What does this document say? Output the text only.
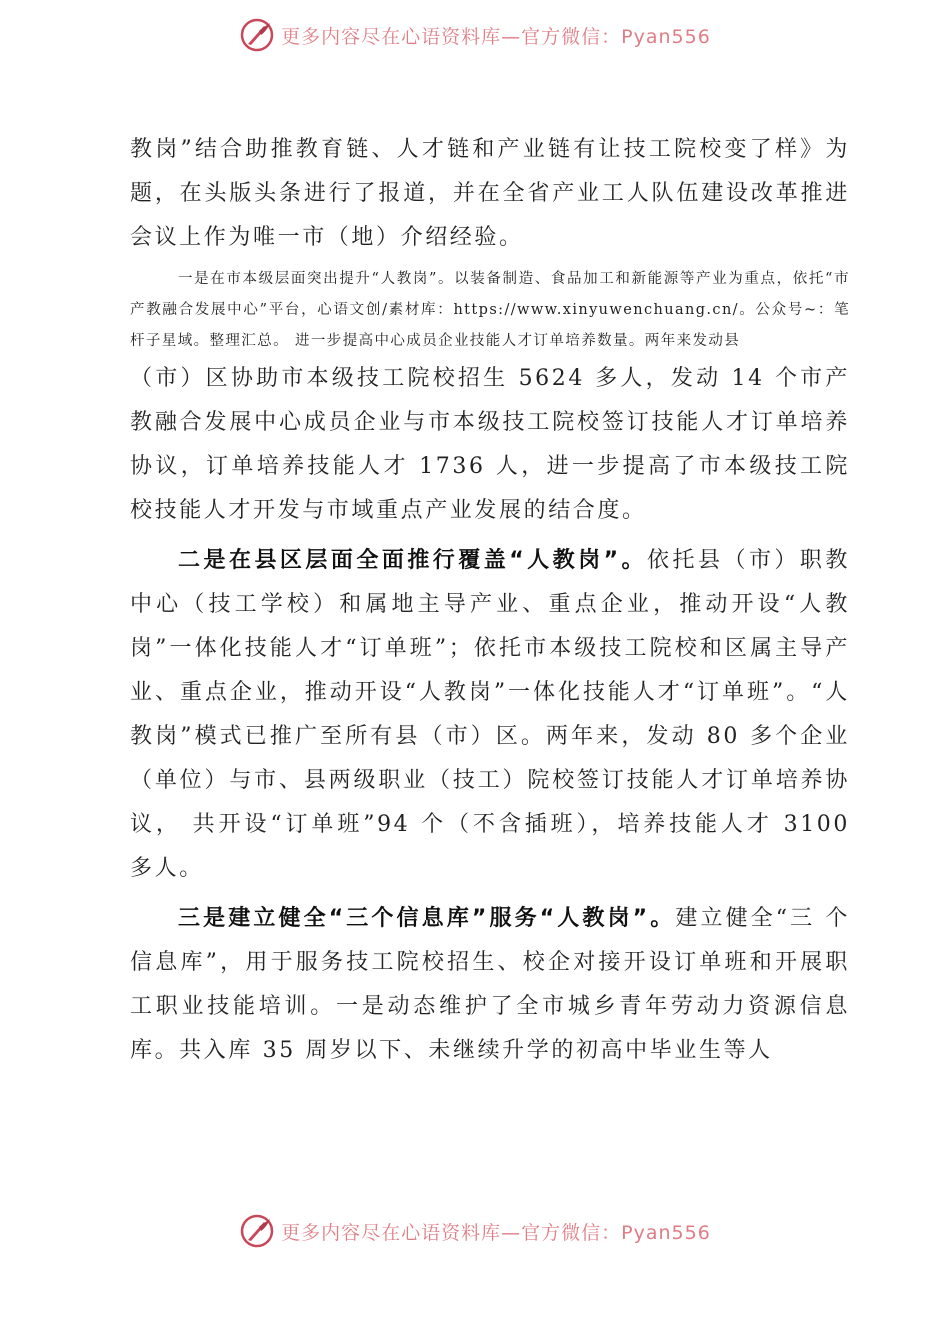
更多内容尽在心语资料库—官方微信：Pyan556

教岗”结合助推教育链、人才链和产业链有让技工院校变了样》为题，在头版头条进行了报道，并在全省产业工人队伍建设改革推进会议上作为唯一市（地）介绍经验。

一是在市本级层面突出提升“人教岗”。以装备制造、食品加工和新能源等产业为重点，依托“市产教融合发展中心”平台，心语文创/素材库：https://www.xinyuwenchuang.cn/。公众号~：笔杆子星域。整理汇总。 进一步提高中心成员企业技能人才订单培养数量。两年来发动县

（市）区协助市本级技工院校招生 5624 多人，发动 14 个市产教融合发展中心成员企业与市本级技工院校签订技能人才订单培养协议，订单培养技能人才 1736 人，进一步提高了市本级技工院校技能人才开发与市域重点产业发展的结合度。

二是在县区层面全面推行覆盖“人教岗”。依托县（市）职教中心（技工学校）和属地主导产业、重点企业，推动开设“人教岗”一体化技能人才“订单班”；依托市本级技工院校和区属主导产业、重点企业，推动开设“人教岗”一体化技能人才“订单班”。“人教岗”模式已推广至所有县（市）区。两年来，发动 80 多个企业（单位）与市、县两级职业（技工）院校签订技能人才订单培养协议， 共开设“订单班”94 个（不含插班），培养技能人才 3100 多人。

三是建立健全“三个信息库”服务“人教岗”。建立健全“三 个信息库”，用于服务技工院校招生、校企对接开设订单班和开展职工职业技能培训。一是动态维护了全市城乡青年劳动力资源信息库。共入库 35 周岁以下、未继续升学的初高中毕业生等人

更多内容尽在心语资料库—官方微信：Pyan556
